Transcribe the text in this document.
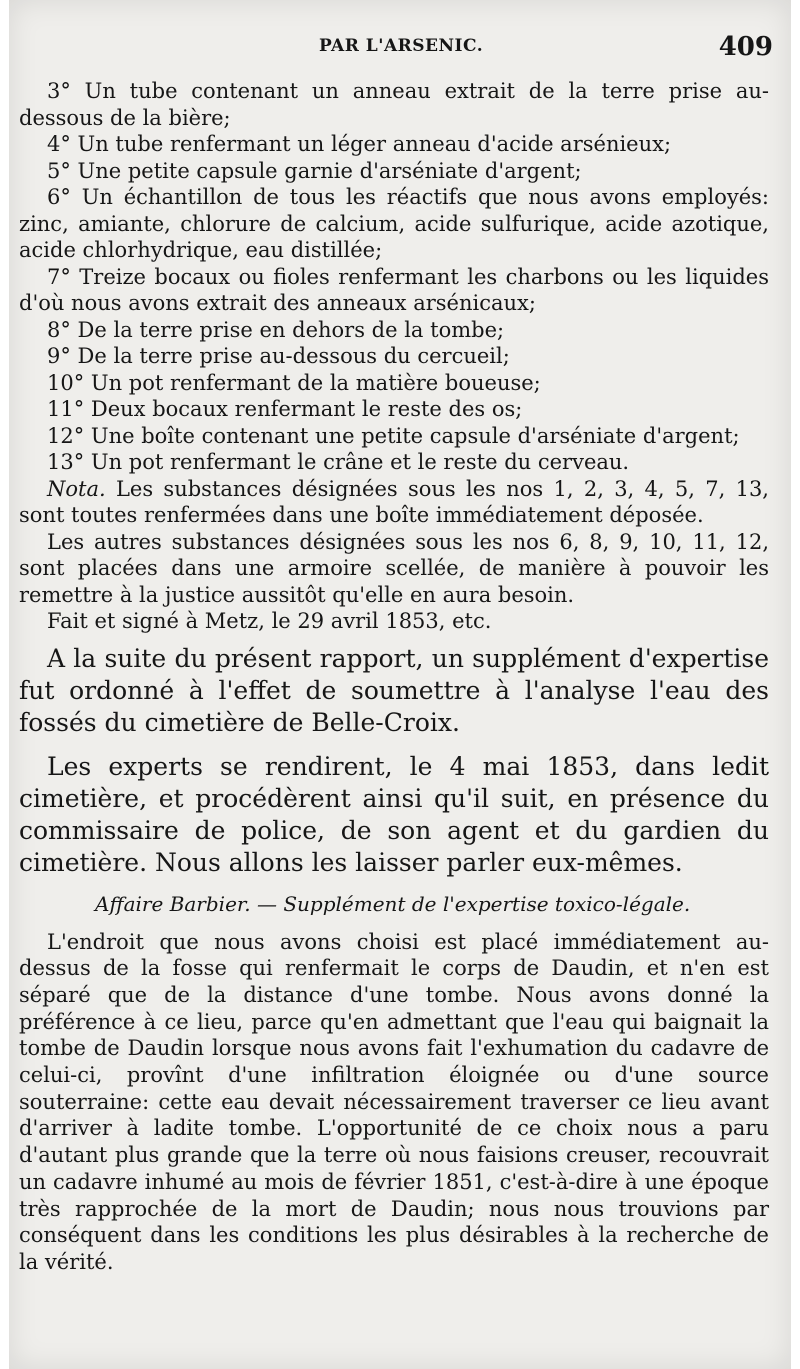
PAR L'ARSENIC.	409

3° Un tube contenant un anneau extrait de la terre prise au-dessous de la bière;

4° Un tube renfermant un léger anneau d'acide arsénieux;

5° Une petite capsule garnie d'arséniate d'argent;

6° Un échantillon de tous les réactifs que nous avons employés: zinc, amiante, chlorure de calcium, acide sulfurique, acide azotique, acide chlorhydrique, eau distillée;

7° Treize bocaux ou fioles renfermant les charbons ou les liquides d'où nous avons extrait des anneaux arsénicaux;

8° De la terre prise en dehors de la tombe;

9° De la terre prise au-dessous du cercueil;

10° Un pot renfermant de la matière boueuse;

11° Deux bocaux renfermant le reste des os;

12° Une boîte contenant une petite capsule d'arséniate d'argent;

13° Un pot renfermant le crâne et le reste du cerveau.

Nota. Les substances désignées sous les nos 1, 2, 3, 4, 5, 7, 13, sont toutes renfermées dans une boîte immédiatement déposée.

Les autres substances désignées sous les nos 6, 8, 9, 10, 11, 12, sont placées dans une armoire scellée, de manière à pouvoir les remettre à la justice aussitôt qu'elle en aura besoin.

Fait et signé à Metz, le 29 avril 1853, etc.

A la suite du présent rapport, un supplément d'expertise fut ordonné à l'effet de soumettre à l'analyse l'eau des fossés du cimetière de Belle-Croix.

Les experts se rendirent, le 4 mai 1853, dans ledit cimetière, et procédèrent ainsi qu'il suit, en présence du commissaire de police, de son agent et du gardien du cimetière. Nous allons les laisser parler eux-mêmes.

Affaire Barbier. — Supplément de l'expertise toxico-légale.

L'endroit que nous avons choisi est placé immédiatement au-dessus de la fosse qui renfermait le corps de Daudin, et n'en est séparé que de la distance d'une tombe. Nous avons donné la préférence à ce lieu, parce qu'en admettant que l'eau qui baignait la tombe de Daudin lorsque nous avons fait l'exhumation du cadavre de celui-ci, provînt d'une infiltration éloignée ou d'une source souterraine: cette eau devait nécessairement traverser ce lieu avant d'arriver à ladite tombe. L'opportunité de ce choix nous a paru d'autant plus grande que la terre où nous faisions creuser, recouvrait un cadavre inhumé au mois de février 1851, c'est-à-dire à une époque très rapprochée de la mort de Daudin; nous nous trouvions par conséquent dans les conditions les plus désirables à la recherche de la vérité.
